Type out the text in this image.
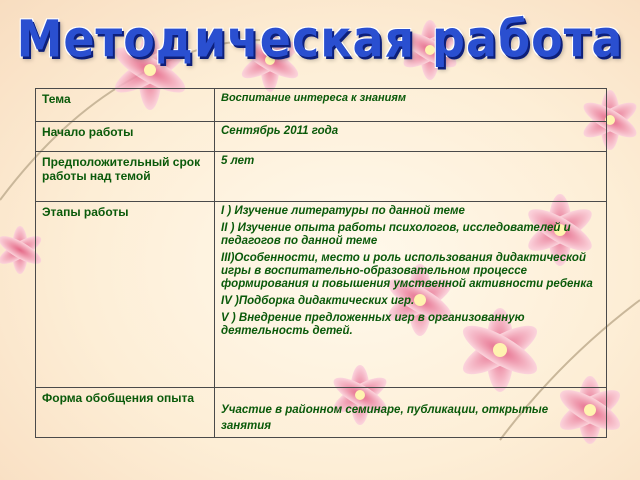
Методическая работа
Тема	Воспитание интереса к знаниям
Начало работы	Сентябрь 2011 года
Предположительный срок работы над темой	5 лет
Этапы работы	I ) Изучение литературы по данной теме
II ) Изучение опыта работы психологов, исследователей и педагогов по данной теме
III)Особенности, место и роль использования дидактической игры в воспитательно-образовательном процессе формирования и повышения умственной активности ребенка
IV )Подборка дидактических игр.
V ) Внедрение предложенных игр в организованную деятельность детей.

Форма обобщения опыта	Участие в районном семинаре, публикации, открытые занятия
